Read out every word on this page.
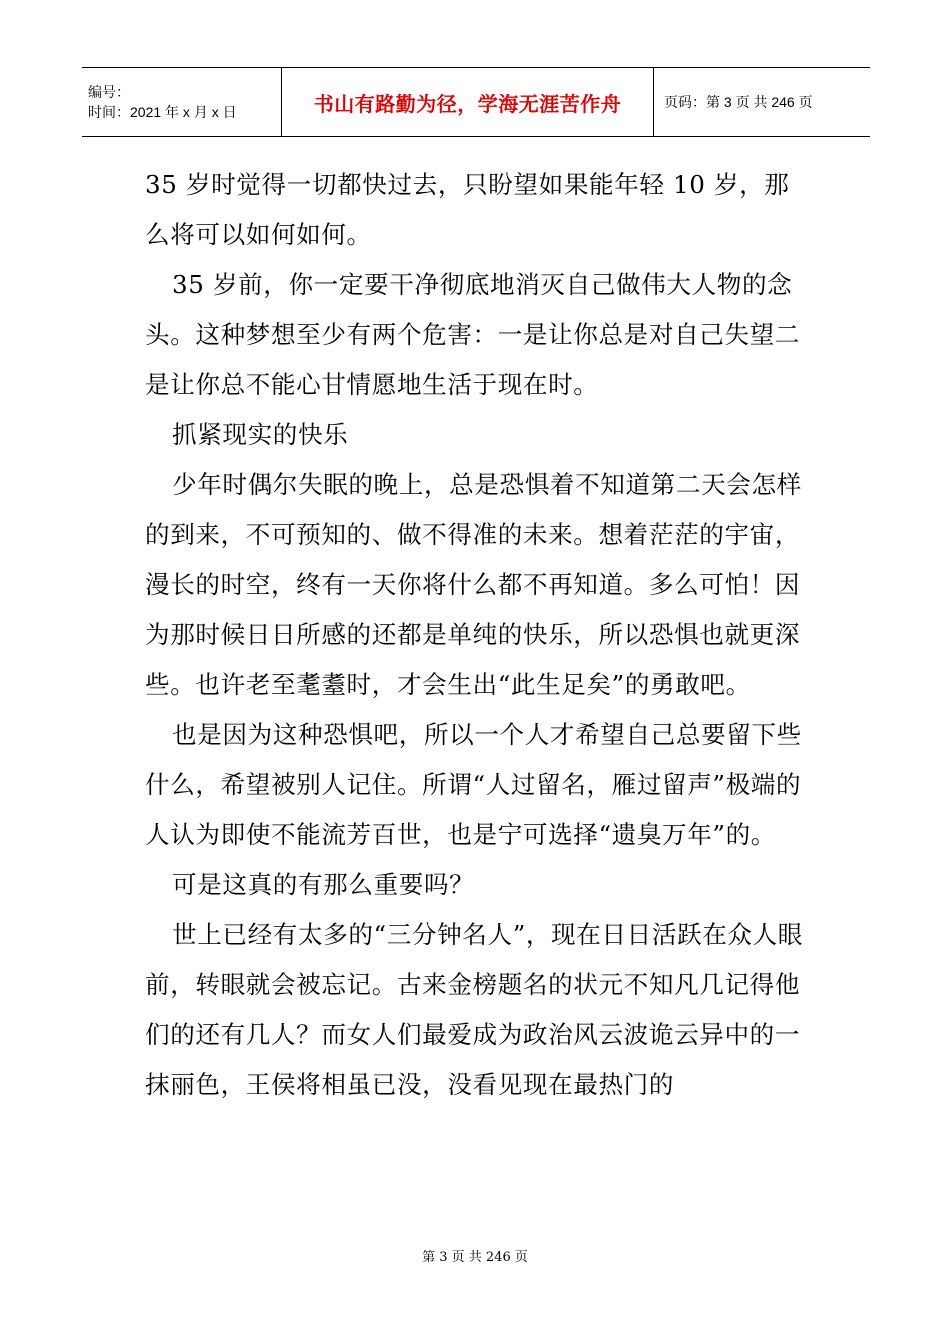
编号：
时间：2021 年 x 月 x 日	书山有路勤为径，学海无涯苦作舟	页码：第 3 页 共 246 页

35 岁时觉得一切都快过去，只盼望如果能年轻 10 岁，那么将可以如何如何。

35 岁前，你一定要干净彻底地消灭自己做伟大人物的念头。这种梦想至少有两个危害：一是让你总是对自己失望二是让你总不能心甘情愿地生活于现在时。

抓紧现实的快乐

少年时偶尔失眠的晚上，总是恐惧着不知道第二天会怎样的到来，不可预知的、做不得准的未来。想着茫茫的宇宙，漫长的时空，终有一天你将什么都不再知道。多么可怕！因为那时候日日所感的还都是单纯的快乐，所以恐惧也就更深些。也许老至耄耋时，才会生出“此生足矣”的勇敢吧。

也是因为这种恐惧吧，所以一个人才希望自己总要留下些什么，希望被别人记住。所谓“人过留名，雁过留声”极端的人认为即使不能流芳百世，也是宁可选择“遗臭万年”的。

可是这真的有那么重要吗？

世上已经有太多的“三分钟名人”，现在日日活跃在众人眼前，转眼就会被忘记。古来金榜题名的状元不知凡几记得他们的还有几人？而女人们最爱成为政治风云波诡云异中的一抹丽色，王侯将相虽已没，没看见现在最热门的

第 3 页 共 246 页
